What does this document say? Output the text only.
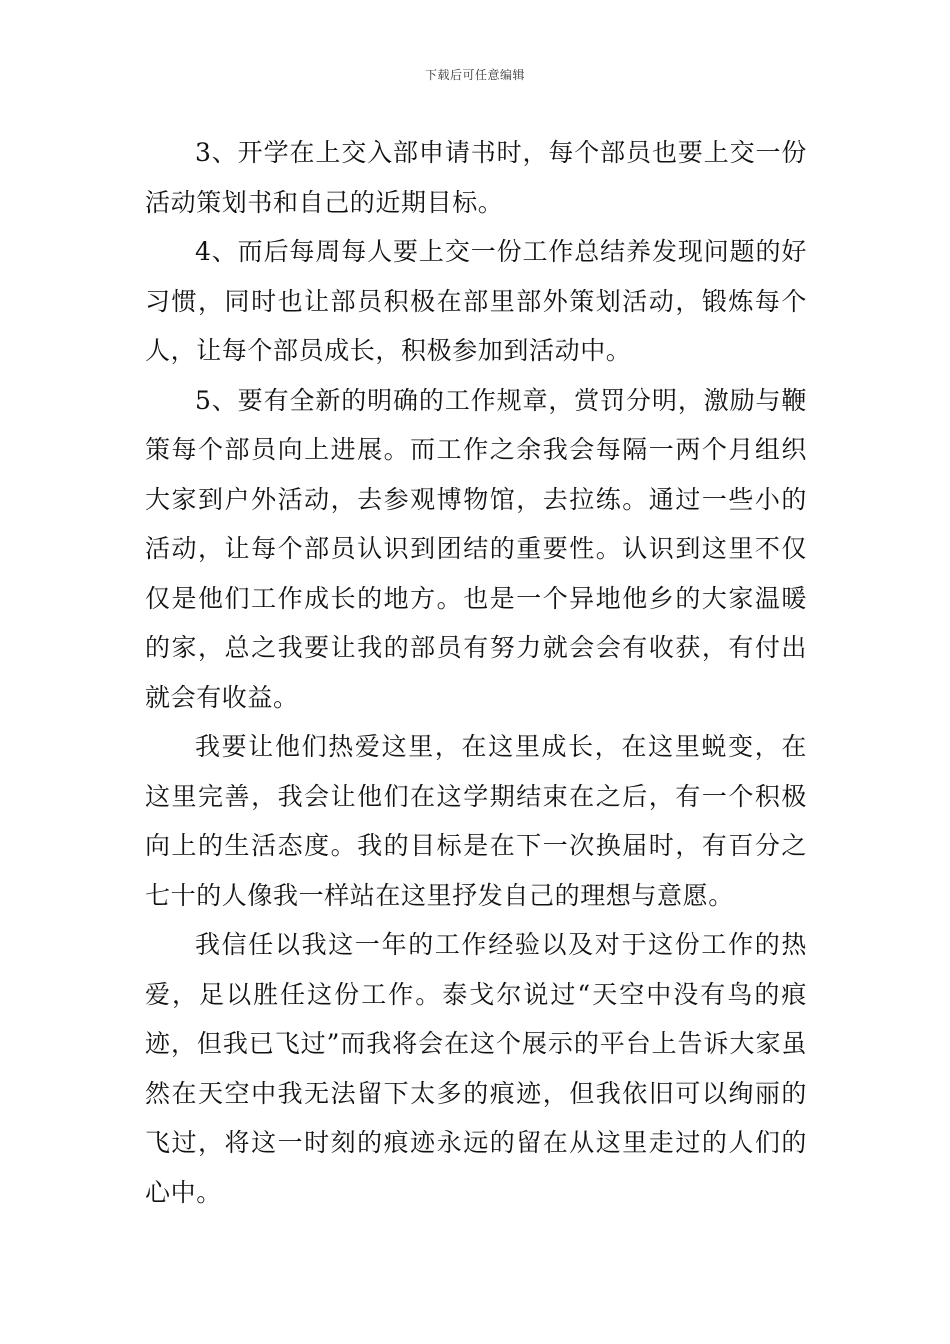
下载后可任意编辑

3、开学在上交入部申请书时，每个部员也要上交一份活动策划书和自己的近期目标。

4、而后每周每人要上交一份工作总结养发现问题的好习惯，同时也让部员积极在部里部外策划活动，锻炼每个人，让每个部员成长，积极参加到活动中。

5、要有全新的明确的工作规章，赏罚分明，激励与鞭策每个部员向上进展。而工作之余我会每隔一两个月组织大家到户外活动，去参观博物馆，去拉练。通过一些小的活动，让每个部员认识到团结的重要性。认识到这里不仅仅是他们工作成长的地方。也是一个异地他乡的大家温暖的家，总之我要让我的部员有努力就会会有收获，有付出就会有收益。

我要让他们热爱这里，在这里成长，在这里蜕变，在这里完善，我会让他们在这学期结束在之后，有一个积极向上的生活态度。我的目标是在下一次换届时，有百分之七十的人像我一样站在这里抒发自己的理想与意愿。

我信任以我这一年的工作经验以及对于这份工作的热爱，足以胜任这份工作。泰戈尔说过“天空中没有鸟的痕迹，但我已飞过”而我将会在这个展示的平台上告诉大家虽然在天空中我无法留下太多的痕迹，但我依旧可以绚丽的飞过，将这一时刻的痕迹永远的留在从这里走过的人们的心中。
